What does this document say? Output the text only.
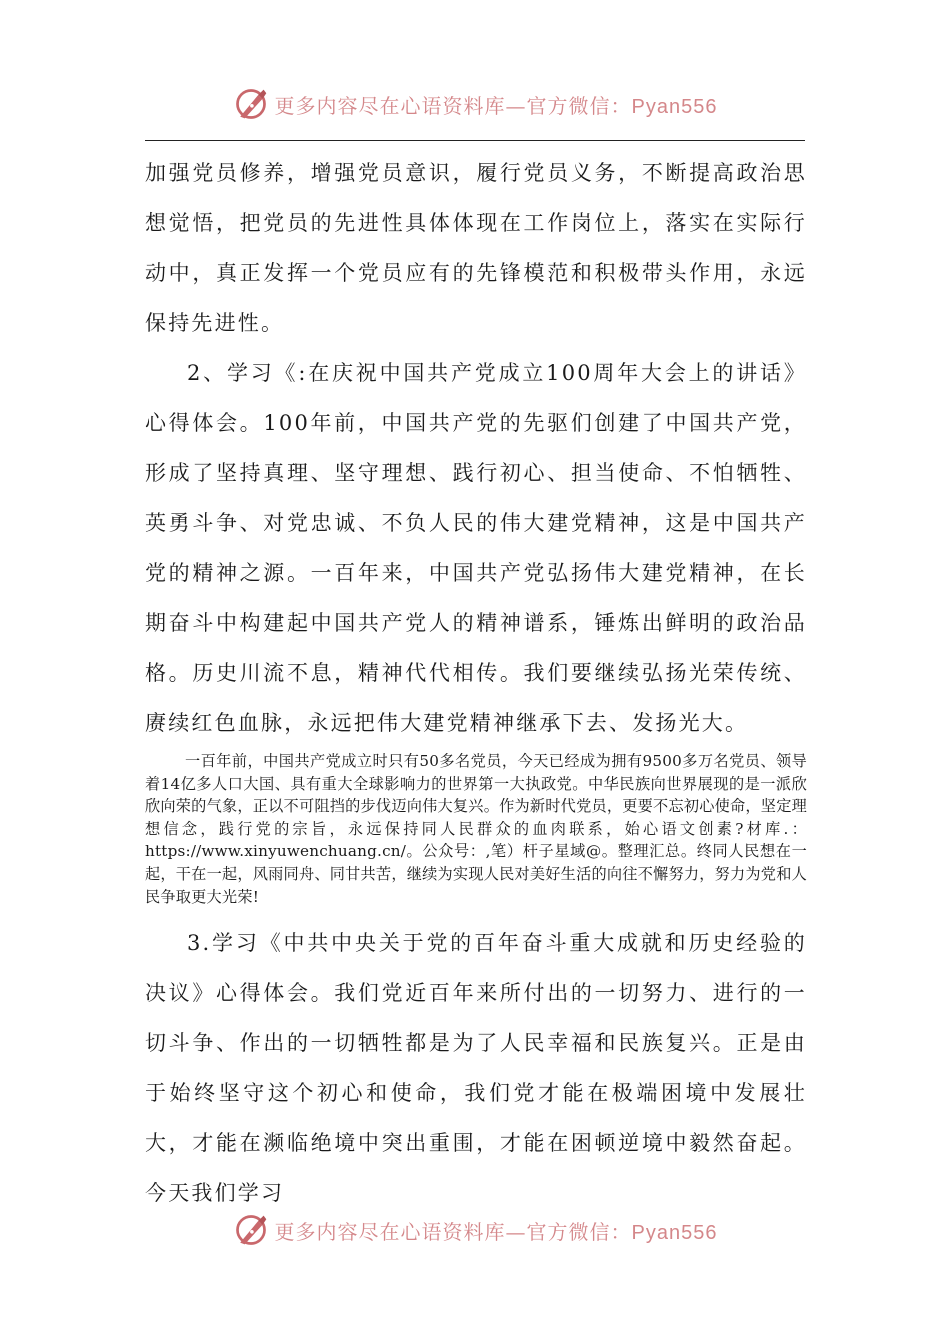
更多内容尽在心语资料库—官方微信：Pyan556

加强党员修养，增强党员意识，履行党员义务，不断提高政治思想觉悟，把党员的先进性具体体现在工作岗位上，落实在实际行动中，真正发挥一个党员应有的先锋模范和积极带头作用，永远保持先进性。

2、学习《:在庆祝中国共产党成立100周年大会上的讲话》心得体会。100年前，中国共产党的先驱们创建了中国共产党，形成了坚持真理、坚守理想、践行初心、担当使命、不怕牺牲、英勇斗争、对党忠诚、不负人民的伟大建党精神，这是中国共产党的精神之源。一百年来，中国共产党弘扬伟大建党精神，在长期奋斗中构建起中国共产党人的精神谱系，锤炼出鲜明的政治品格。历史川流不息，精神代代相传。我们要继续弘扬光荣传统、赓续红色血脉，永远把伟大建党精神继承下去、发扬光大。

一百年前，中国共产党成立时只有50多名党员，今天已经成为拥有9500多万名党员、领导着14亿多人口大国、具有重大全球影响力的世界第一大执政党。中华民族向世界展现的是一派欣欣向荣的气象，正以不可阻挡的步伐迈向伟大复兴。作为新时代党员，更要不忘初心使命，坚定理想信念，践行党的宗旨，永远保持同人民群众的血肉联系，始心语文创素?材库.：https://www.xinyuwenchuang.cn/。公众号：,笔）杆子星域@。整理汇总。终同人民想在一起，干在一起，风雨同舟、同甘共苦，继续为实现人民对美好生活的向往不懈努力，努力为党和人民争取更大光荣!

3.学习《中共中央关于党的百年奋斗重大成就和历史经验的决议》心得体会。我们党近百年来所付出的一切努力、进行的一切斗争、作出的一切牺牲都是为了人民幸福和民族复兴。正是由于始终坚守这个初心和使命，我们党才能在极端困境中发展壮大，才能在濒临绝境中突出重围，才能在困顿逆境中毅然奋起。今天我们学习

更多内容尽在心语资料库—官方微信：Pyan556
